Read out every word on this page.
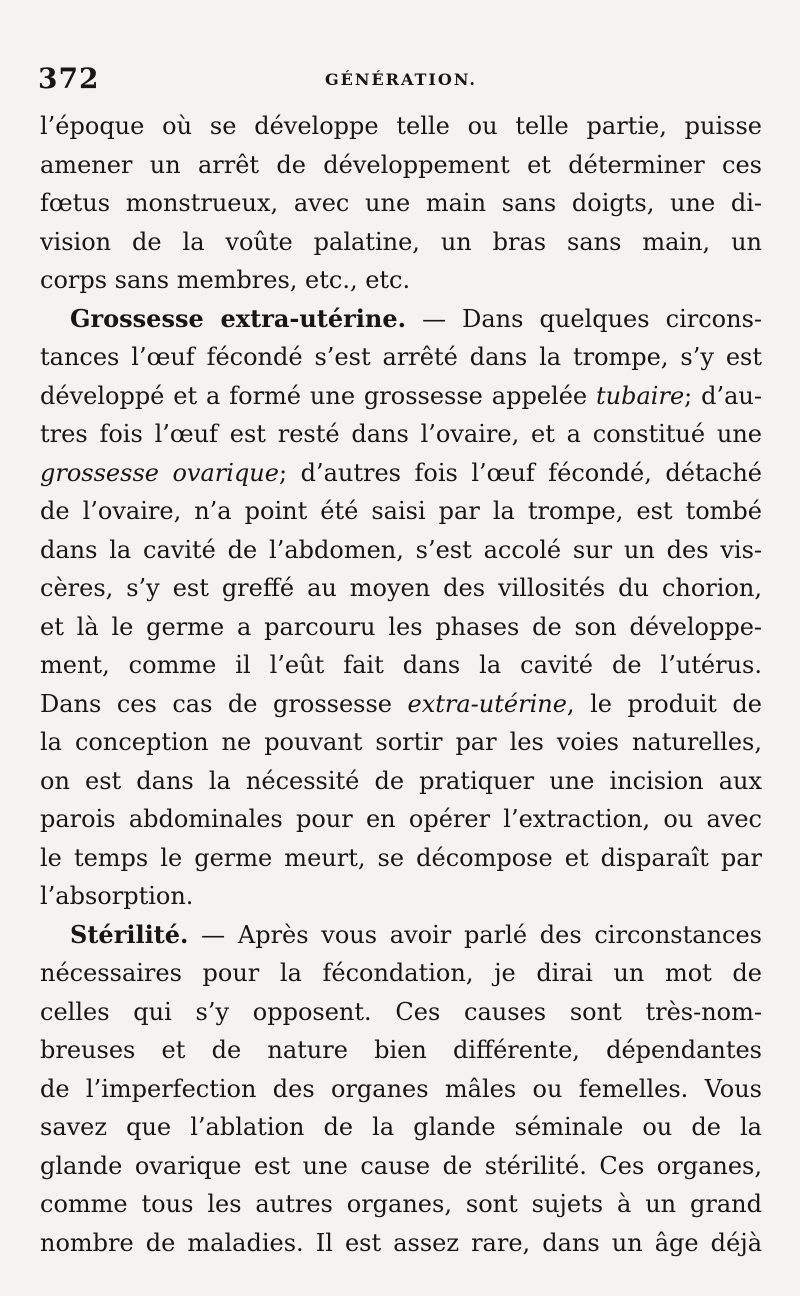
372	GÉNÉRATION.
l’époque où se développe telle ou telle partie, puisse
amener un arrêt de développement et déterminer ces
fœtus monstrueux, avec une main sans doigts, une di-
vision de la voûte palatine, un bras sans main, un
corps sans membres, etc., etc.
Grossesse extra-utérine. — Dans quelques circons-
tances l’œuf fécondé s’est arrêté dans la trompe, s’y est
développé et a formé une grossesse appelée tubaire; d’au-
tres fois l’œuf est resté dans l’ovaire, et a constitué une
grossesse ovarique; d’autres fois l’œuf fécondé, détaché
de l’ovaire, n’a point été saisi par la trompe, est tombé
dans la cavité de l’abdomen, s’est accolé sur un des vis-
cères, s’y est greffé au moyen des villosités du chorion,
et là le germe a parcouru les phases de son développe-
ment, comme il l’eût fait dans la cavité de l’utérus.
Dans ces cas de grossesse extra-utérine, le produit de
la conception ne pouvant sortir par les voies naturelles,
on est dans la nécessité de pratiquer une incision aux
parois abdominales pour en opérer l’extraction, ou avec
le temps le germe meurt, se décompose et disparaît par
l’absorption.
Stérilité. — Après vous avoir parlé des circonstances
nécessaires pour la fécondation, je dirai un mot de
celles qui s’y opposent. Ces causes sont très-nom-
breuses et de nature bien différente, dépendantes
de l’imperfection des organes mâles ou femelles. Vous
savez que l’ablation de la glande séminale ou de la
glande ovarique est une cause de stérilité. Ces organes,
comme tous les autres organes, sont sujets à un grand
nombre de maladies. Il est assez rare, dans un âge déjà
